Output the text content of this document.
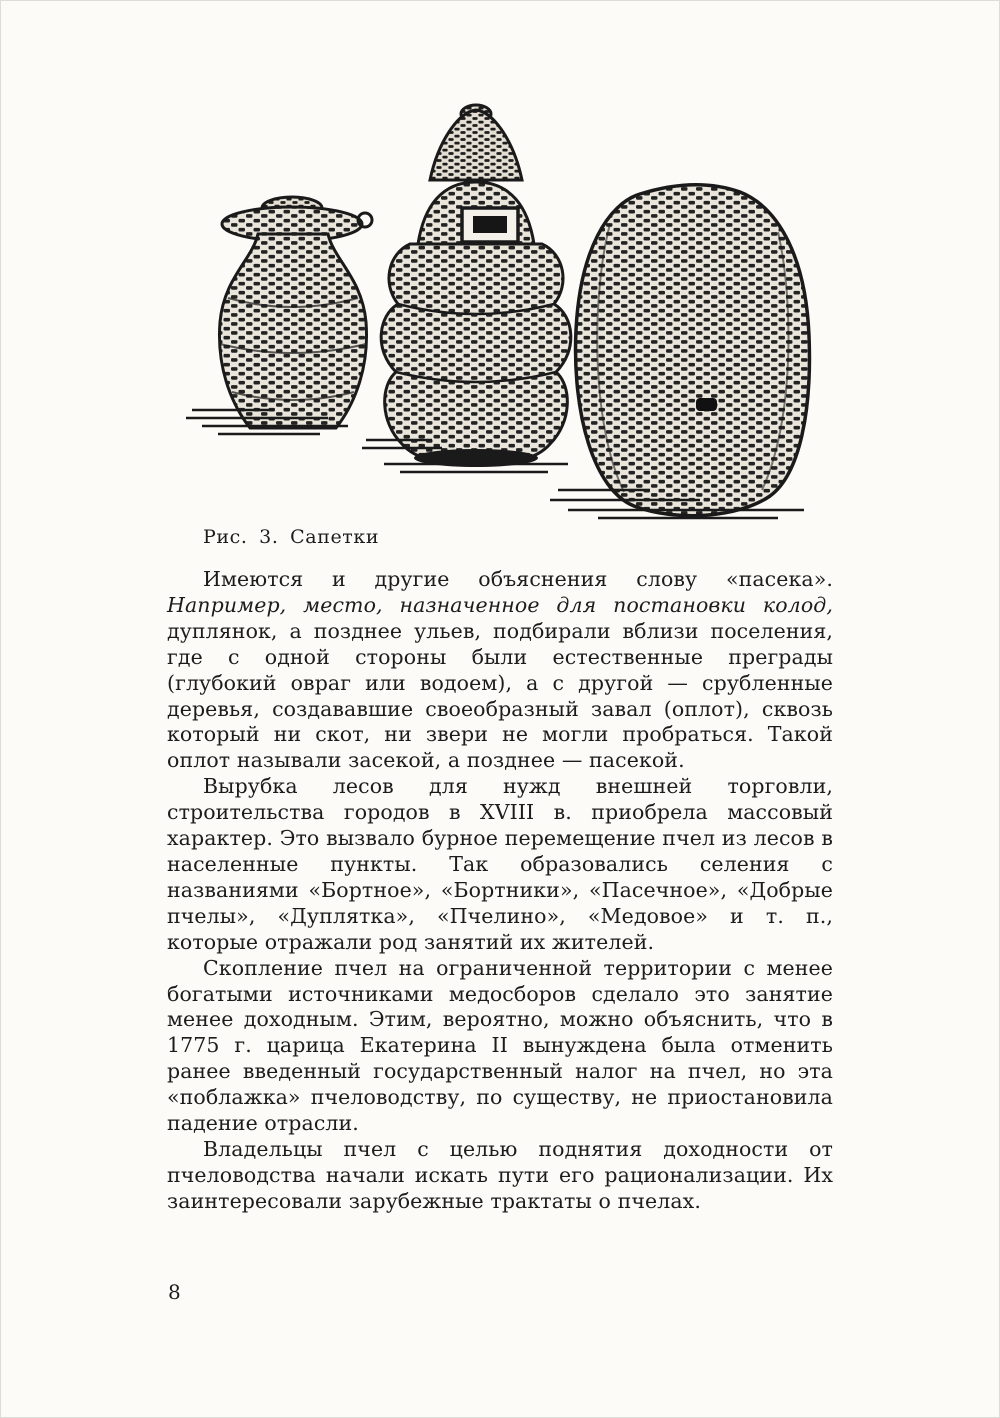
Рис. 3. Сапетки

Имеются и другие объяснения слову «пасека». Например, место, назначенное для постановки колод, дуплянок, а позднее ульев, подбирали вблизи поселения, где с одной стороны были естественные преграды (глубокий овраг или водоем), а с другой — срубленные деревья, создававшие своеобразный завал (оплот), сквозь который ни скот, ни звери не могли пробраться. Такой оплот называли засекой, а позднее — пасекой.

Вырубка лесов для нужд внешней торговли, строительства городов в XVIII в. приобрела массовый характер. Это вызвало бурное перемещение пчел из лесов в населенные пункты. Так образовались селения с названиями «Бортное», «Бортники», «Пасечное», «Добрые пчелы», «Дуплятка», «Пчелино», «Медовое» и т. п., которые отражали род занятий их жителей.

Скопление пчел на ограниченной территории с менее богатыми источниками медосборов сделало это занятие менее доходным. Этим, вероятно, можно объяснить, что в 1775 г. царица Екатерина II вынуждена была отменить ранее введенный государственный налог на пчел, но эта «поблажка» пчеловодству, по существу, не приостановила падение отрасли.

Владельцы пчел с целью поднятия доходности от пчеловодства начали искать пути его рационализации. Их заинтересовали зарубежные трактаты о пчелах.

8
